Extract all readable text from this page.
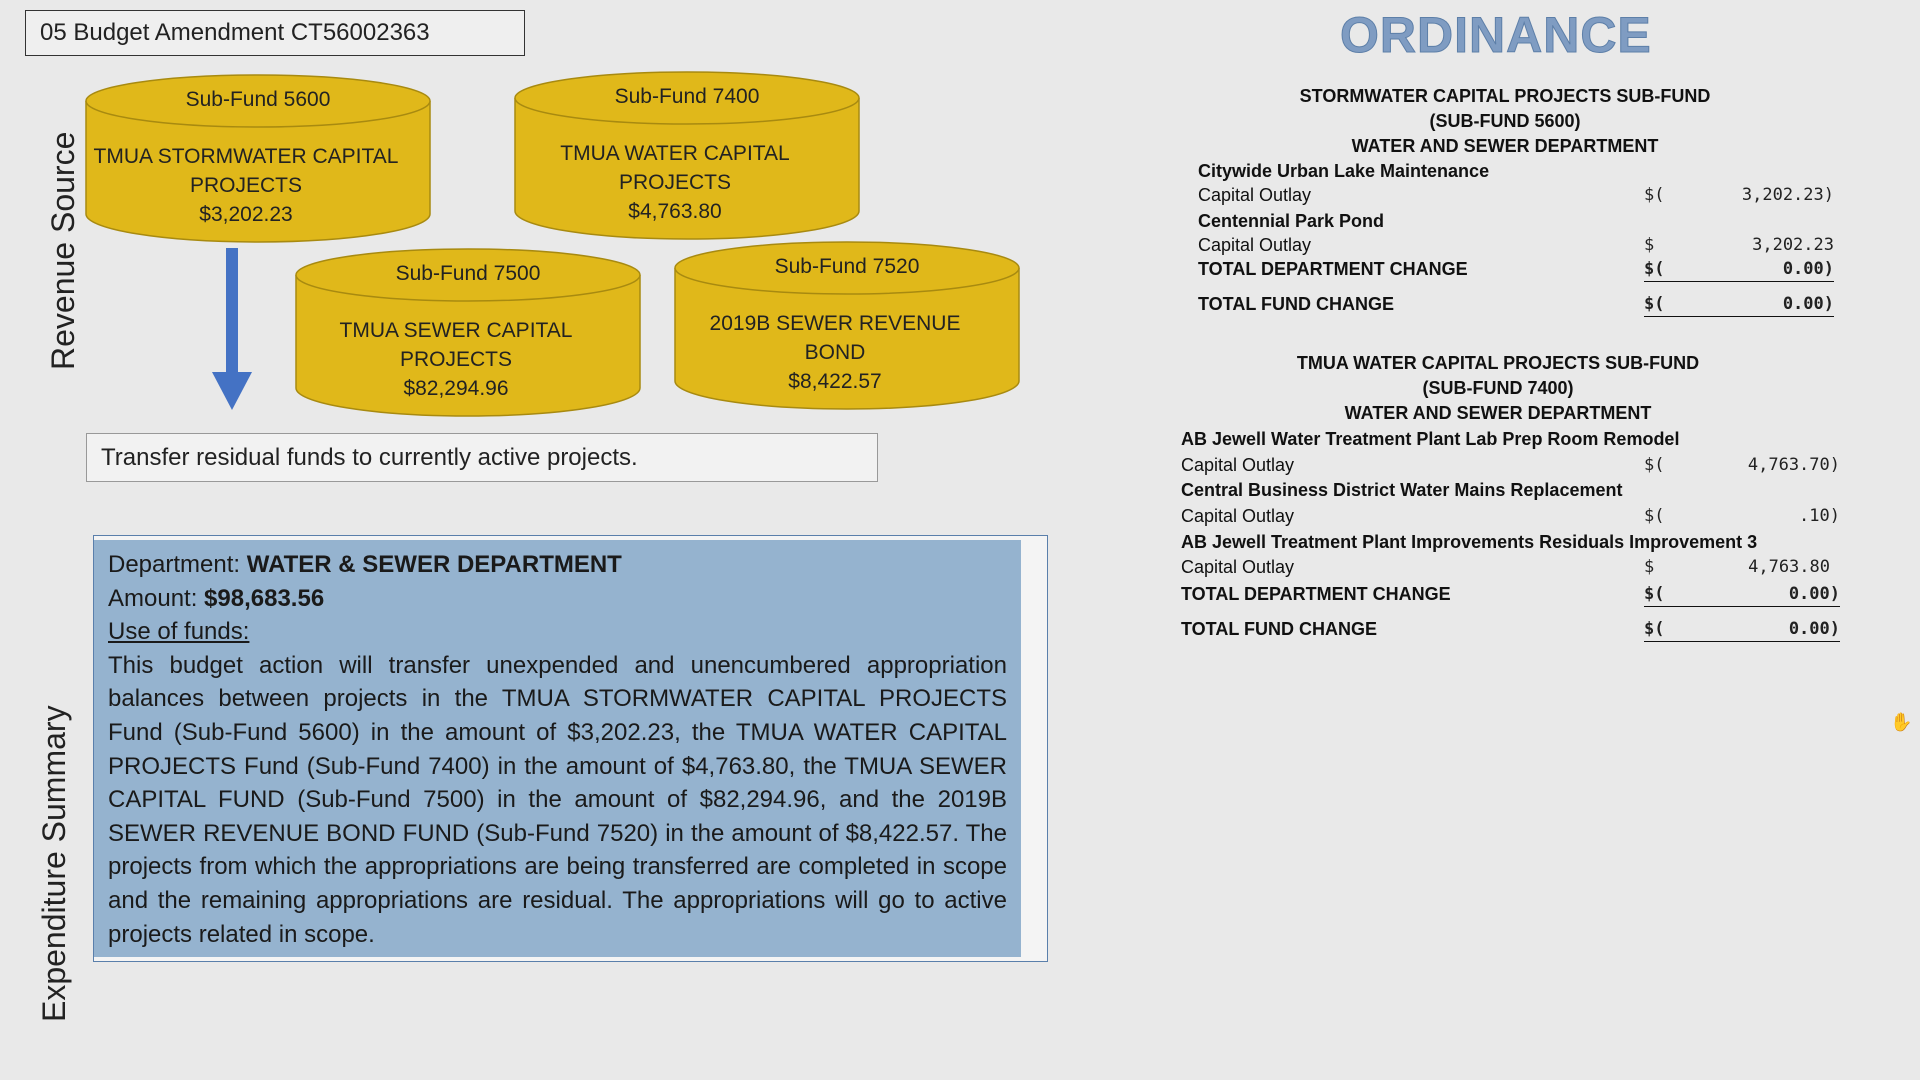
05 Budget Amendment CT56002363
Revenue Source
Expenditure Summary
Sub-Fund 5600
TMUA STORMWATER CAPITAL
PROJECTS
$3,202.23
Sub-Fund 7400
TMUA WATER CAPITAL
PROJECTS
$4,763.80
Sub-Fund 7500
TMUA SEWER CAPITAL
PROJECTS
$82,294.96
Sub-Fund 7520
2019B SEWER REVENUE
BOND
$8,422.57
Transfer residual funds to currently active projects.
Department: WATER & SEWER DEPARTMENT
Amount: $98,683.56
Use of funds:
This budget action will transfer unexpended and unencumbered appropriation balances between projects in the TMUA STORMWATER CAPITAL PROJECTS Fund (Sub-Fund 5600) in the amount of $3,202.23, the TMUA WATER CAPITAL PROJECTS Fund (Sub-Fund 7400) in the amount of $4,763.80, the TMUA SEWER CAPITAL FUND (Sub-Fund 7500) in the amount of $82,294.96, and the 2019B SEWER REVENUE BOND FUND (Sub-Fund 7520) in the amount of $8,422.57. The projects from which the appropriations are being transferred are completed in scope and the remaining appropriations are residual. The appropriations will go to active projects related in scope.
ORDINANCE
STORMWATER CAPITAL PROJECTS SUB-FUND
(SUB-FUND 5600)
WATER AND SEWER DEPARTMENT
Citywide Urban Lake Maintenance
Capital Outlay	$(	3,202.23)
Centennial Park Pond
Capital Outlay	$	3,202.23
TOTAL DEPARTMENT CHANGE	$(	0.00)
TOTAL FUND CHANGE	$(	0.00)
TMUA WATER CAPITAL PROJECTS SUB-FUND
(SUB-FUND 7400)
WATER AND SEWER DEPARTMENT
AB Jewell Water Treatment Plant Lab Prep Room Remodel
Capital Outlay	$(	4,763.70)
Central Business District Water Mains Replacement
Capital Outlay	$(	.10)
AB Jewell Treatment Plant Improvements Residuals Improvement 3
Capital Outlay	$	4,763.80
TOTAL DEPARTMENT CHANGE	$(	0.00)
TOTAL FUND CHANGE	$(	0.00)
✋
